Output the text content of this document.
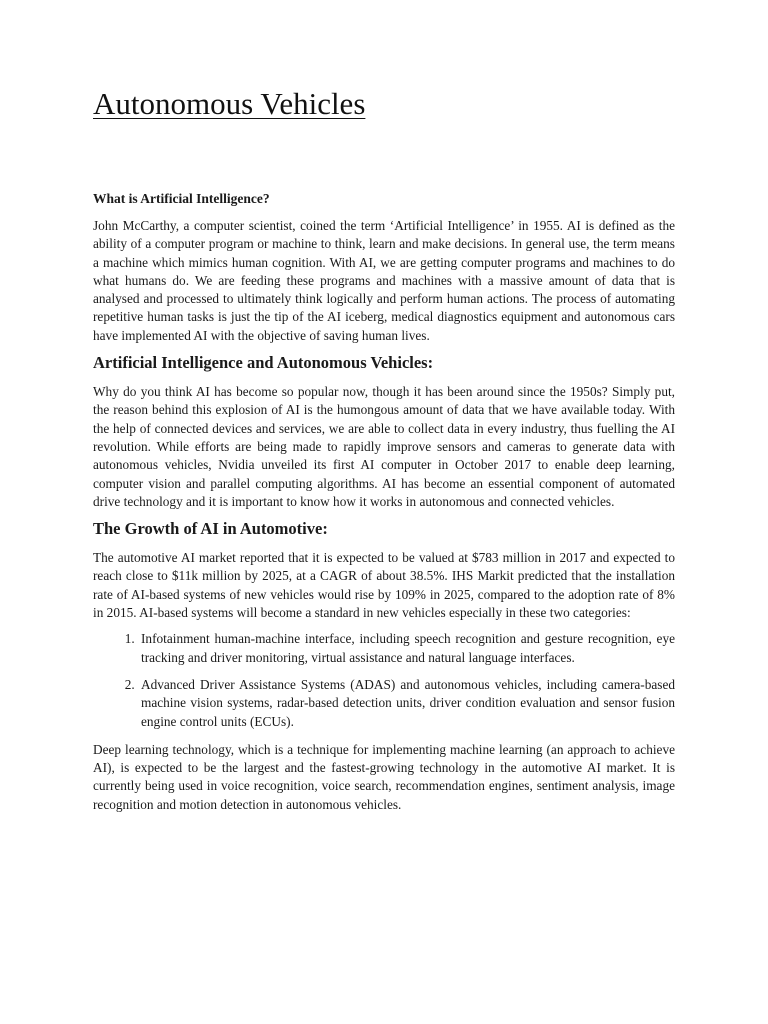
Autonomous Vehicles
What is Artificial Intelligence?

John McCarthy, a computer scientist, coined the term ‘Artificial Intelligence’ in 1955. AI is defined as the ability of a computer program or machine to think, learn and make decisions. In general use, the term means a machine which mimics human cognition. With AI, we are getting computer programs and machines to do what humans do. We are feeding these programs and machines with a massive amount of data that is analysed and processed to ultimately think logically and perform human actions. The process of automating repetitive human tasks is just the tip of the AI iceberg, medical diagnostics equipment and autonomous cars have implemented AI with the objective of saving human lives.

Artificial Intelligence and Autonomous Vehicles:

Why do you think AI has become so popular now, though it has been around since the 1950s? Simply put, the reason behind this explosion of AI is the humongous amount of data that we have available today. With the help of connected devices and services, we are able to collect data in every industry, thus fuelling the AI revolution. While efforts are being made to rapidly improve sensors and cameras to generate data with autonomous vehicles, Nvidia unveiled its first AI computer in October 2017 to enable deep learning, computer vision and parallel computing algorithms. AI has become an essential component of automated drive technology and it is important to know how it works in autonomous and connected vehicles.

The Growth of AI in Automotive:

The automotive AI market reported that it is expected to be valued at $783 million in 2017 and expected to reach close to $11k million by 2025, at a CAGR of about 38.5%. IHS Markit predicted that the installation rate of AI-based systems of new vehicles would rise by 109% in 2025, compared to the adoption rate of 8% in 2015. AI-based systems will become a standard in new vehicles especially in these two categories:

1. Infotainment human-machine interface, including speech recognition and gesture recognition, eye tracking and driver monitoring, virtual assistance and natural language interfaces.
2. Advanced Driver Assistance Systems (ADAS) and autonomous vehicles, including camera-based machine vision systems, radar-based detection units, driver condition evaluation and sensor fusion engine control units (ECUs).

Deep learning technology, which is a technique for implementing machine learning (an approach to achieve AI), is expected to be the largest and the fastest-growing technology in the automotive AI market. It is currently being used in voice recognition, voice search, recommendation engines, sentiment analysis, image recognition and motion detection in autonomous vehicles.
